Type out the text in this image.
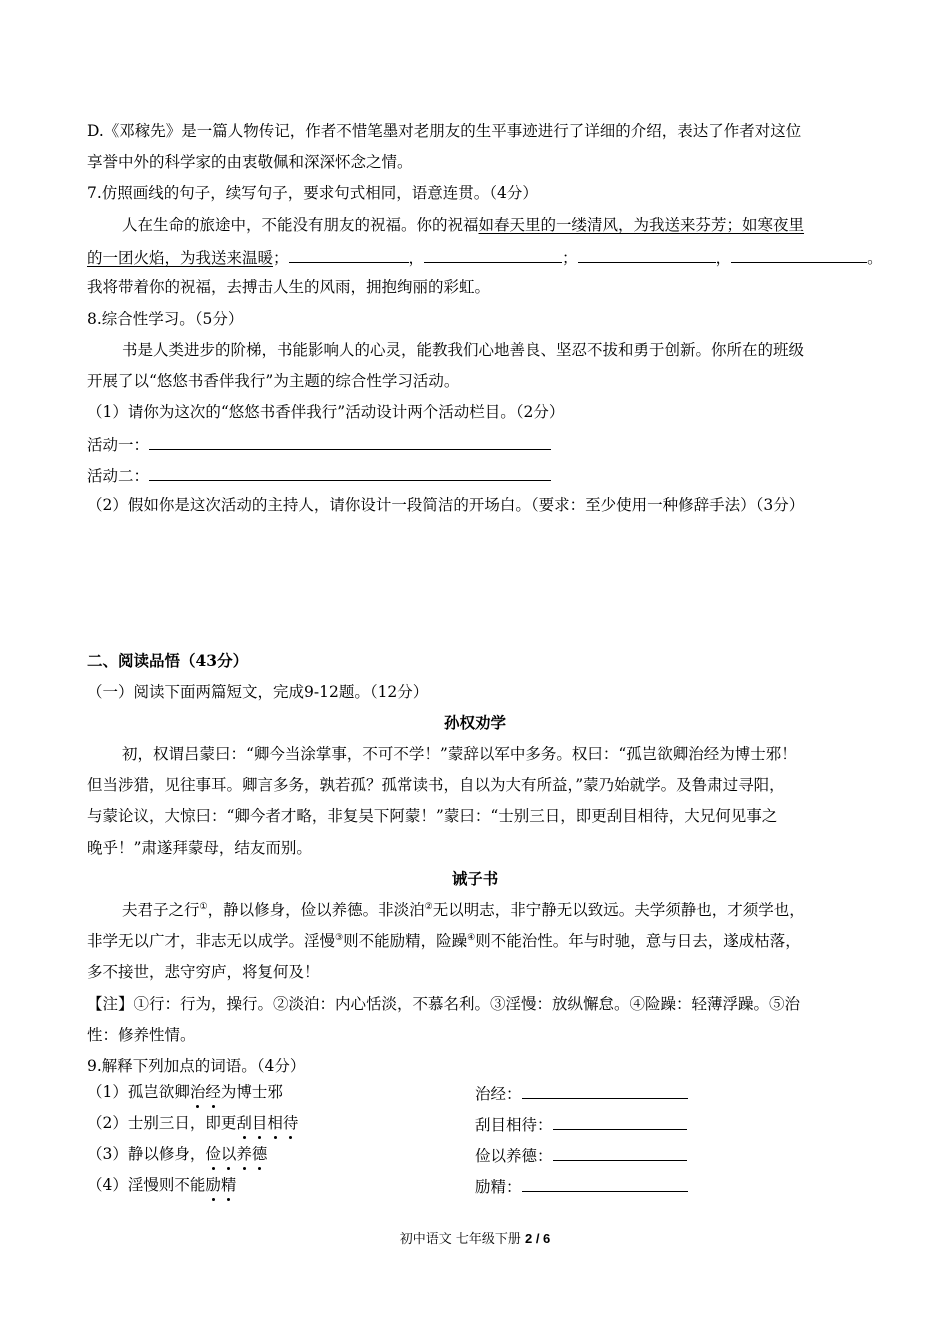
D.《邓稼先》是一篇人物传记，作者不惜笔墨对老朋友的生平事迹进行了详细的介绍，表达了作者对这位
享誉中外的科学家的由衷敬佩和深深怀念之情。
7.仿照画线的句子，续写句子，要求句式相同，语意连贯。（4分）
人在生命的旅途中，不能没有朋友的祝福。你的祝福如春天里的一缕清风，为我送来芬芳；如寒夜里
的一团火焰，为我送来温暖；	，	；	，	。
我将带着你的祝福，去搏击人生的风雨，拥抱绚丽的彩虹。
8.综合性学习。（5分）
书是人类进步的阶梯，书能影响人的心灵，能教我们心地善良、坚忍不拔和勇于创新。你所在的班级
开展了以“悠悠书香伴我行”为主题的综合性学习活动。
（1）请你为这次的“悠悠书香伴我行”活动设计两个活动栏目。（2分）
活动一：
活动二：
（2）假如你是这次活动的主持人，请你设计一段简洁的开场白。（要求：至少使用一种修辞手法）（3分）
二、阅读品悟（43分）
（一）阅读下面两篇短文，完成9-12题。（12分）
孙权劝学
初，权谓吕蒙曰：“卿今当涂掌事，不可不学！”蒙辞以军中多务。权曰：“孤岂欲卿治经为博士邪！
但当涉猎，见往事耳。卿言多务，孰若孤？孤常读书，自以为大有所益，”蒙乃始就学。及鲁肃过寻阳，
与蒙论议，大惊曰：“卿今者才略，非复吴下阿蒙！”蒙曰：“士别三日，即更刮目相待，大兄何见事之
晚乎！”肃遂拜蒙母，结友而别。
诫子书
夫君子之行①，静以修身，俭以养德。非淡泊②无以明志，非宁静无以致远。夫学须静也，才须学也，
非学无以广才，非志无以成学。淫慢③则不能励精，险躁④则不能治性。年与时驰，意与日去，遂成枯落，
多不接世，悲守穷庐，将复何及！
【注】①行：行为，操行。②淡泊：内心恬淡，不慕名利。③淫慢：放纵懈怠。④险躁：轻薄浮躁。⑤治
性：修养性情。
9.解释下列加点的词语。（4分）
（1）孤岂欲卿治经为博士邪	治经：
（2）士别三日，即更刮目相待	刮目相待：
（3）静以修身，俭以养德	俭以养德：
（4）淫慢则不能励精	励精：
初中语文 七年级下册 2 / 6
